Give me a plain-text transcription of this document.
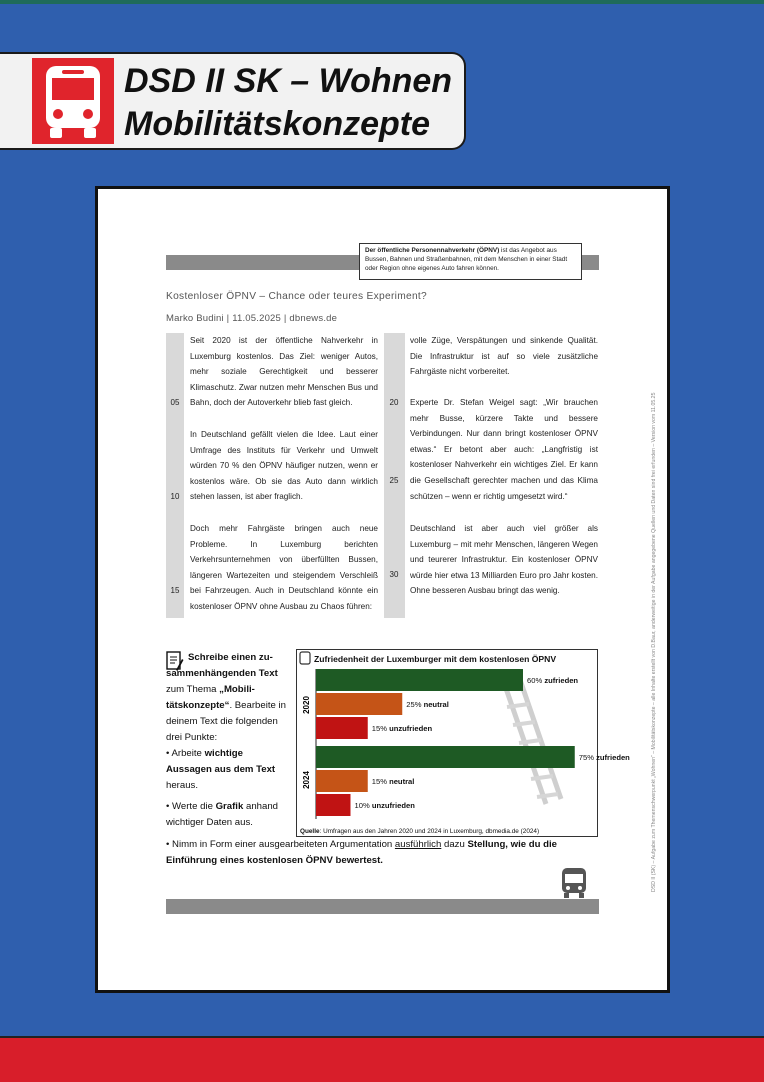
DSD II SK – Wohnen
Mobilitätskonzepte
Der öffentliche Personennahverkehr (ÖPNV) ist das Angebot aus Bussen, Bahnen und Straßenbahnen, mit dem Menschen in einer Stadt oder Region ohne eigenes Auto fahren können.
Kostenloser ÖPNV – Chance oder teures Experiment?
Marko Budini | 11.05.2025 | dbnews.de
DSD II (SK) – Aufgabe zum Themenschwerpunkt „Wohnen“ – Mobilitätskonzepte – alle Inhalte erstellt von D.Baur, anderweitige in der Aufgabe angegebene Quellen und Daten sind frei erfunden – Version vom 11.05.25
05
10
15
20
25
30

Seit 2020 ist der öffentliche Nahverkehr in Luxemburg kostenlos. Das Ziel: weniger Autos, mehr soziale Gerechtigkeit und besserer Klimaschutz. Zwar nutzen mehr Menschen Bus und Bahn, doch der Autoverkehr blieb fast gleich.

In Deutschland gefällt vielen die Idee. Laut einer Umfrage des Instituts für Verkehr und Umwelt würden 70 % den ÖPNV häufiger nutzen, wenn er kostenlos wäre. Ob sie das Auto dann wirklich stehen lassen, ist aber fraglich.

Doch mehr Fahrgäste bringen auch neue Probleme. In Luxemburg berichten Verkehrsunternehmen von überfüllten Bussen, längeren Wartezeiten und steigendem Verschleiß bei Fahrzeugen. Auch in Deutschland könnte ein kostenloser ÖPNV ohne Ausbau zu Chaos führen:

volle Züge, Verspätungen und sinkende Qualität. Die Infrastruktur ist auf so viele zusätzliche Fahrgäste nicht vorbereitet.

Experte Dr. Stefan Weigel sagt: „Wir brauchen mehr Busse, kürzere Takte und bessere Verbindungen. Nur dann bringt kostenloser ÖPNV etwas.“ Er betont aber auch: „Langfristig ist kostenloser Nahverkehr ein wichtiges Ziel. Er kann die Gesellschaft gerechter machen und das Klima schützen – wenn er richtig umgesetzt wird.“

Deutschland ist aber auch viel größer als Luxemburg – mit mehr Menschen, längeren Wegen und teurerer Infrastruktur. Ein kostenloser ÖPNV würde hier etwa 13 Milliarden Euro pro Jahr kosten. Ohne besseren Ausbau bringt das wenig.

Schreibe einen zu-sammenhängenden Text zum Thema „Mobili-tätskonzepte“. Bearbeite in deinem Text die folgenden drei Punkte:

• Arbeite wichtige Aussagen aus dem Text heraus.

• Werte die Grafik anhand wichtiger Daten aus.

• Nimm in Form einer ausgearbeiteten Argumentation ausführlich dazu Stellung, wie du die Einführung eines kostenlosen ÖPNV bewertest.

Zufriedenheit der Luxemburger mit dem kostenlosen ÖPNV
2020
60% zufrieden
25% neutral
15% unzufrieden
2024
75% zufrieden
15% neutral
10% unzufrieden
Quelle: Umfragen aus den Jahren 2020 und 2024 in Luxemburg, dbmedia.de (2024)
